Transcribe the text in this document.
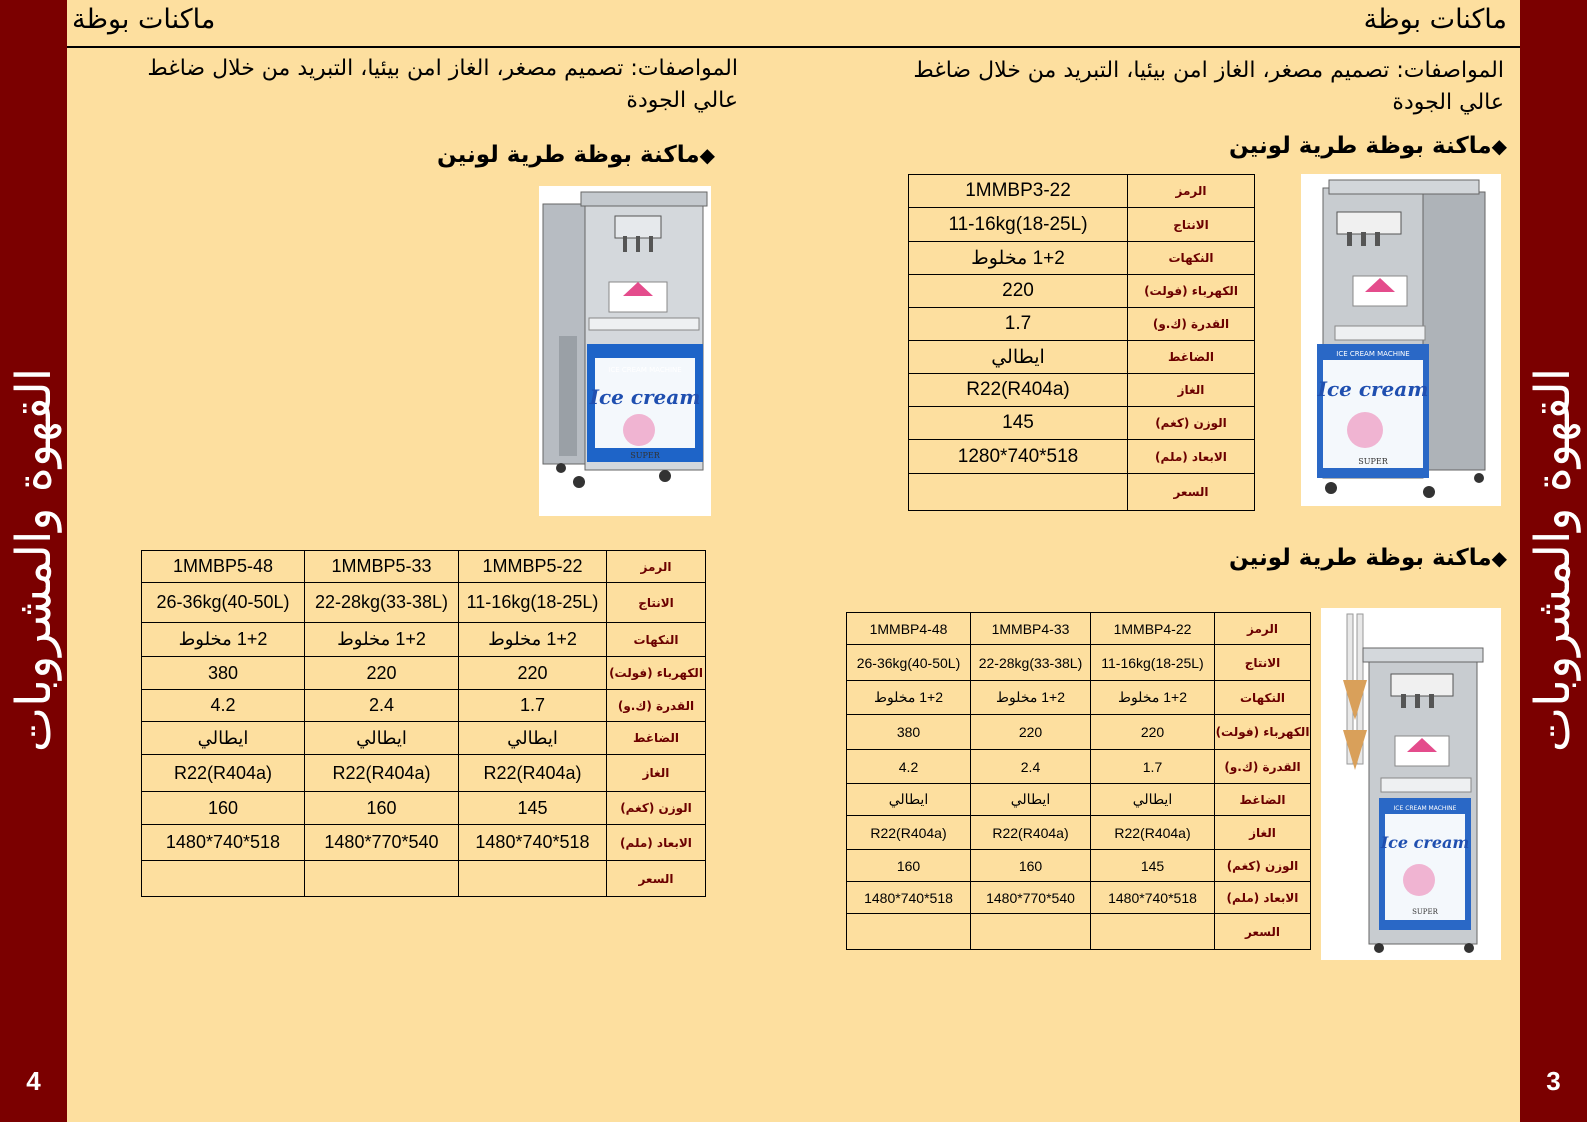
القهوة والمشروبات	القهوة والمشروبات
4	3
ماكنات بوظة	ماكنات بوظة
المواصفات: تصميم مصغر، الغاز امن بيئيا، التبريد من خلال ضاغط عالي الجودة
المواصفات: تصميم مصغر، الغاز امن بيئيا، التبريد من خلال ضاغط عالي الجودة
◆ماكنة بوظة طرية لونين	◆ماكنة بوظة طرية لونين
◆ماكنة بوظة طرية لونين
الرمز	1MMBP3-22
الانتاج	11-16kg(18-25L)
النكهات	1+2 مخلوط
الكهرباء (فولت)	220
القدرة (ك.و)	1.7
الضاغط	ايطالي
الغاز	R22(R404a)
الوزن (كغم)	145
الابعاد (ملم)	518*740*1280
السعر	
الرمز	1MMBP4-22	1MMBP4-33	1MMBP4-48
الانتاج	11-16kg(18-25L)	22-28kg(33-38L)	26-36kg(40-50L)
النكهات	1+2 مخلوط	1+2 مخلوط	1+2 مخلوط
الكهرباء (فولت)	220	220	380
القدرة (ك.و)	1.7	2.4	4.2
الضاغط	ايطالي	ايطالي	ايطالي
الغاز	R22(R404a)	R22(R404a)	R22(R404a)
الوزن (كغم)	145	160	160
الابعاد (ملم)	518*740*1480	540*770*1480	518*740*1480
السعر			
الرمز	1MMBP5-22	1MMBP5-33	1MMBP5-48
الانتاج	11-16kg(18-25L)	22-28kg(33-38L)	26-36kg(40-50L)
النكهات	1+2 مخلوط	1+2 مخلوط	1+2 مخلوط
الكهرباء (فولت)	220	220	380
القدرة (ك.و)	1.7	2.4	4.2
الضاغط	ايطالي	ايطالي	ايطالي
الغاز	R22(R404a)	R22(R404a)	R22(R404a)
الوزن (كغم)	145	160	160
الابعاد (ملم)	518*740*1480	540*770*1480	518*740*1480
السعر			
ICE CREAM MACHINE
Ice cream
SUPER
ICE CREAM MACHINE
Ice cream
SUPER
ICE CREAM MACHINE
Ice cream
SUPER
